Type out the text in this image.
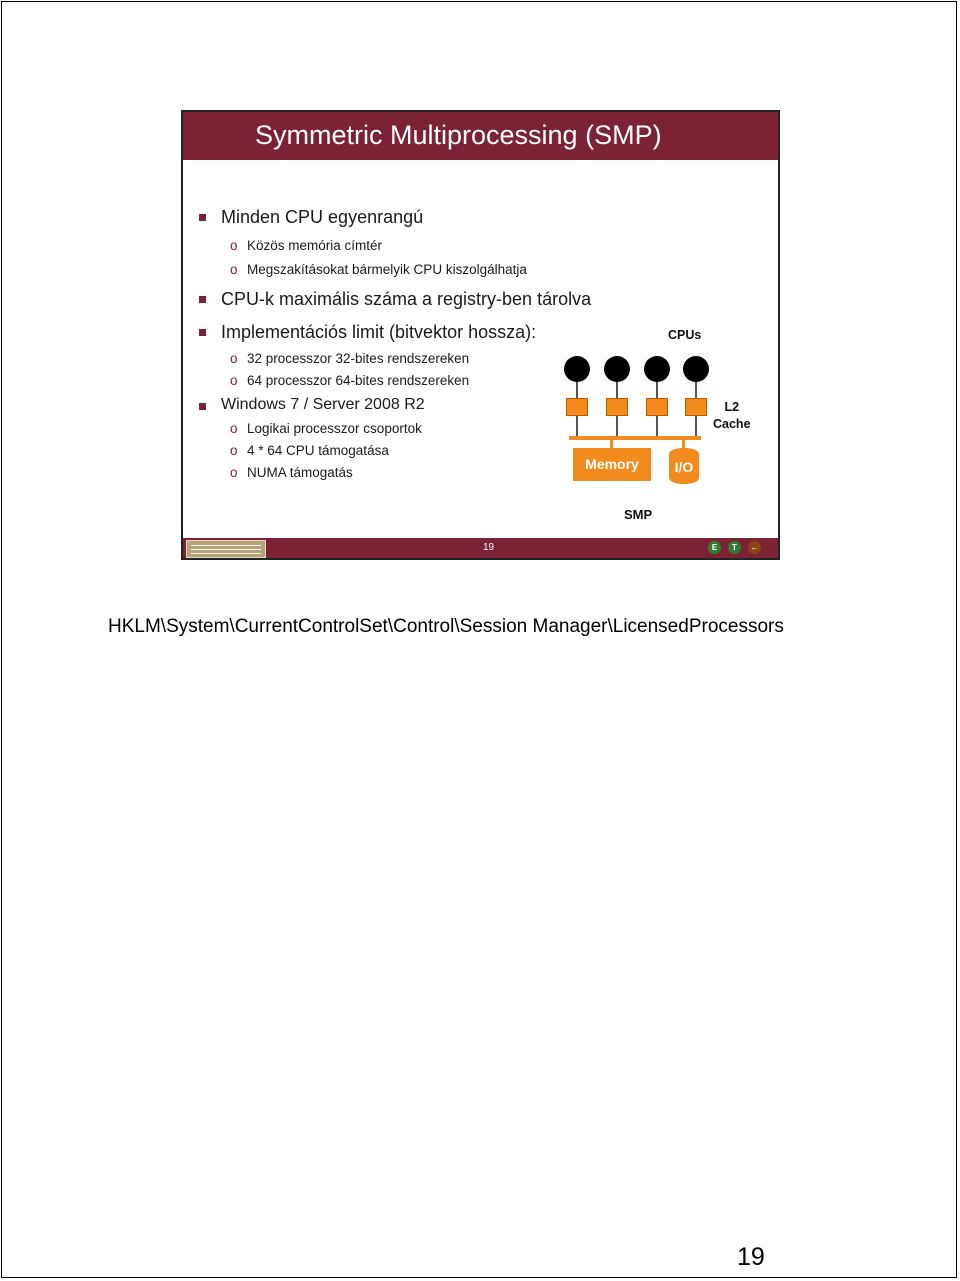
Symmetric Multiprocessing (SMP)
Minden CPU egyenrangú
o Közös memória címtér
o Megszakításokat bármelyik CPU kiszolgálhatja
CPU-k maximális száma a registry-ben tárolva
Implementációs limit (bitvektor hossza):
o 32 processzor 32-bites rendszereken
o 64 processzor 64-bites rendszereken
Windows 7 / Server 2008 R2
o Logikai processzor csoportok
o 4 * 64 CPU támogatása
o NUMA támogatás
CPUs
L2
Cache
Memory	I/O
SMP
19	E	T	←
HKLM\System\CurrentControlSet\Control\Session Manager\LicensedProcessors
19
